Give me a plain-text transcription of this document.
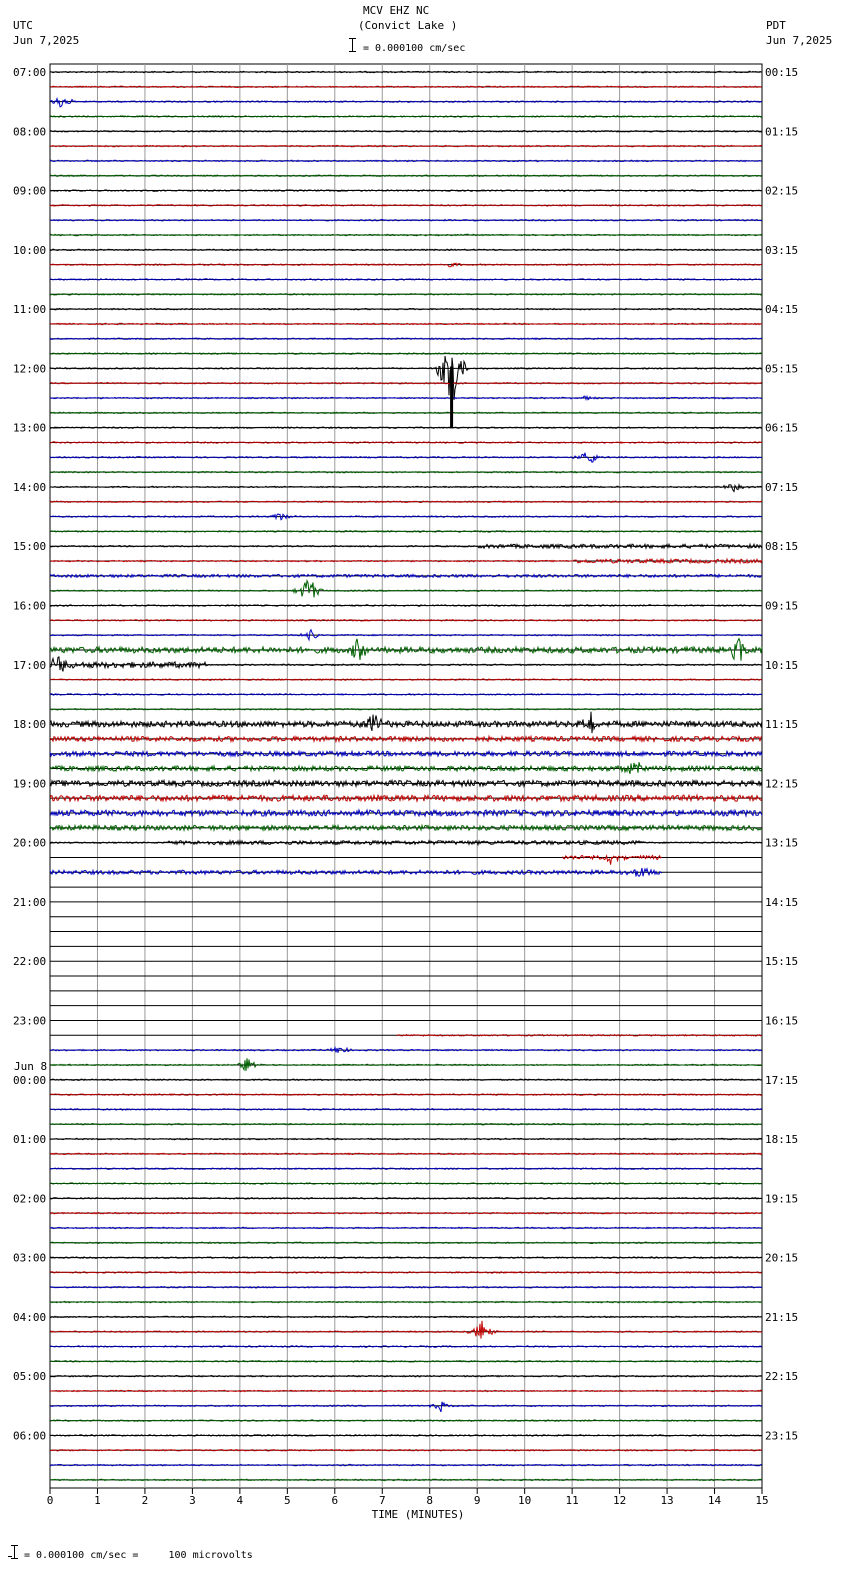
UTC
Jun 7,2025
MCV EHZ NC
(Convict Lake )
= 0.000100 cm/sec
PDT
Jun 7,2025
07:00
08:00
09:00
10:00
11:00
12:00
13:00
14:00
15:00
16:00
17:00
18:00
19:00
20:00
21:00
22:00
23:00
Jun 8
00:00
01:00
02:00
03:00
04:00
05:00
06:00
00:15
01:15
02:15
03:15
04:15
05:15
06:15
07:15
08:15
09:15
10:15
11:15
12:15
13:15
14:15
15:15
16:15
17:15
18:15
19:15
20:15
21:15
22:15
23:15
0	1	2	3	4	5	6	7	8	9	10	11	12	13	14	15
TIME (MINUTES)
= 0.000100 cm/sec =     100 microvolts
